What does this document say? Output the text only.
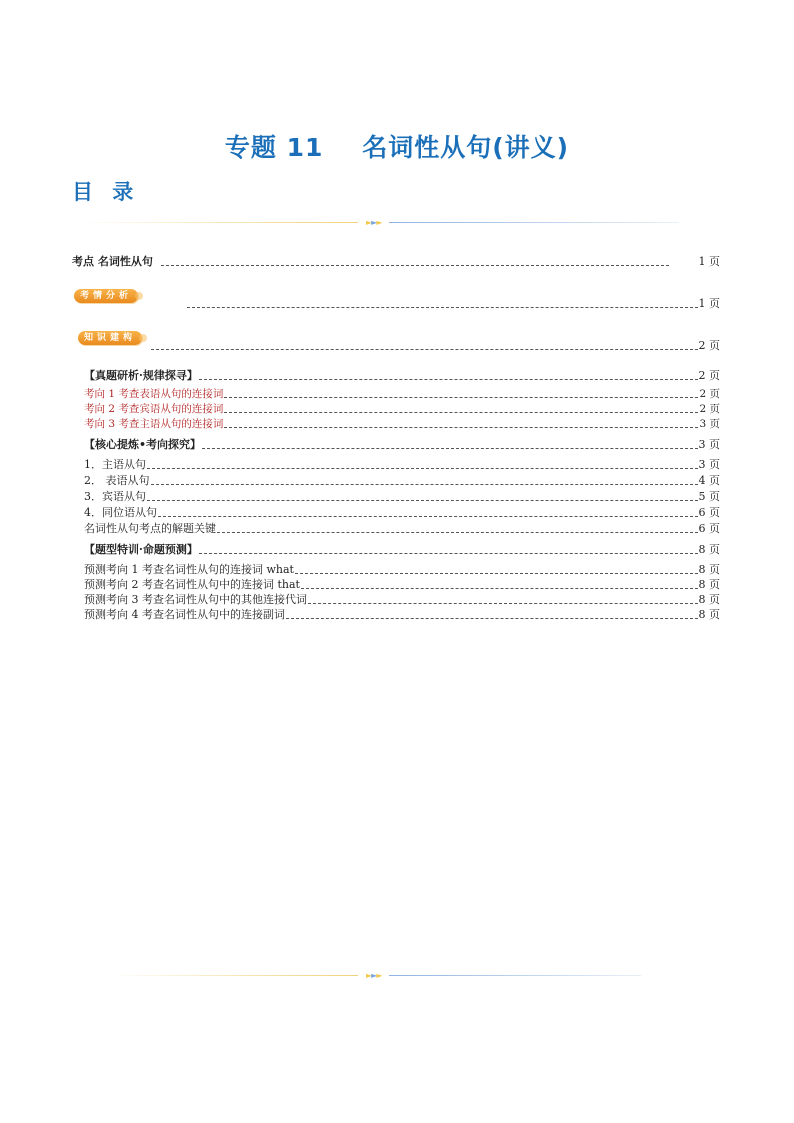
专题 11    名词性从句(讲义)
目 录
►►►
考点 名词性从句	1 页
考情分析
1 页
知识建构
2 页
【真题研析·规律探寻】	2 页
考向 1 考查表语从句的连接词	2 页
考向 2 考查宾语从句的连接词	2 页
考向 3 考查主语从句的连接词	3 页
【核心提炼•考向探究】	3 页
1．主语从句	3 页
2． 表语从句	4 页
3．宾语从句	5 页
4．同位语从句	6 页
名词性从句考点的解题关键	6 页
【题型特训·命题预测】	8 页
预测考向 1 考查名词性从句的连接词 what	8 页
预测考向 2 考查名词性从句中的连接词 that	8 页
预测考向 3 考查名词性从句中的其他连接代词	8 页
预测考向 4 考查名词性从句中的连接副词	8 页
►►►
